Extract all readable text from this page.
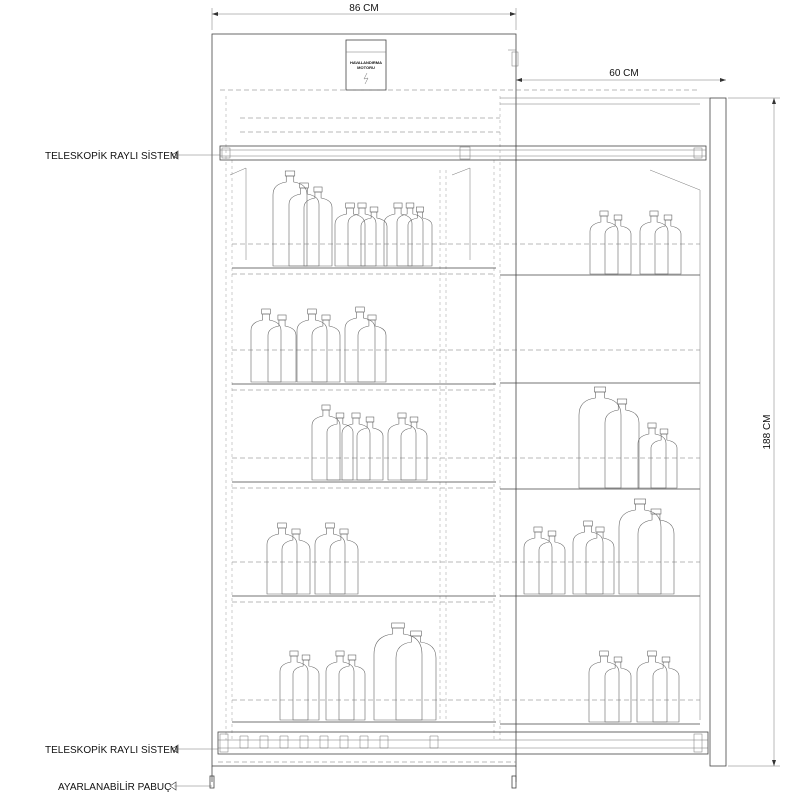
86 CM
60 CM
188 CM
HAVALANDIRMA
MOTORU
TELESKOPİK RAYLI SİSTEM
TELESKOPİK RAYLI SİSTEM
AYARLANABİLİR PABUÇ
